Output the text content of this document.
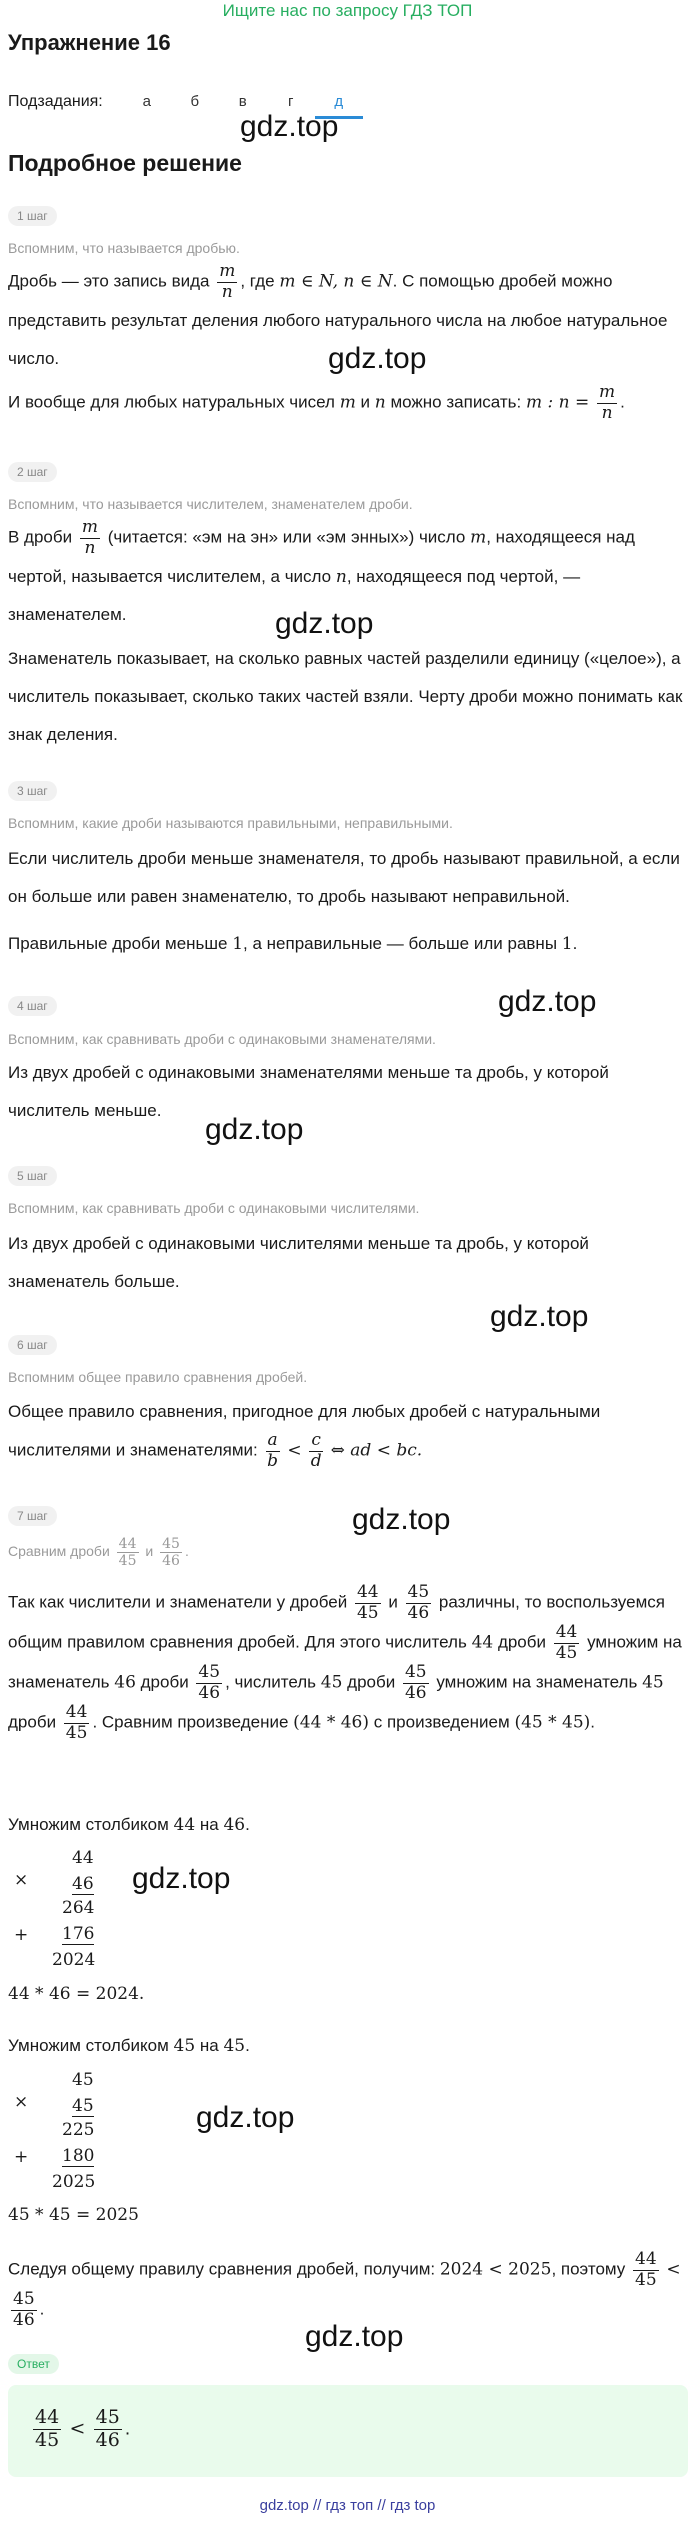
Ищите нас по запросу ГДЗ ТОП
Упражнение 16
Подзадания:	а	б	в	г	д
gdz.top
gdz.top
gdz.top
gdz.top
gdz.top
gdz.top
gdz.top
gdz.top
gdz.top
gdz.top
Подробное решение
1 шаг
Вспомним, что называется дробью.
Дробь — это запись вида $\frac{m}{n}$ , где m ∈ N, n ∈ N. С помощью дробей можно представить результат деления любого натурального числа на любое натуральное число.
И вообще для любых натуральных чисел m и n можно записать: m : $n = \frac{m}{n}$ .
2 шаг
Вспомним, что называется числителем, знаменателем дроби.
В дроби $\frac{m}{n}$ (читается: «эм на эн» или «эм энных») число m, находящееся над чертой, называется числителем, а число n, находящееся под чертой, — знаменателем.
Знаменатель показывает, на сколько равных частей разделили единицу («целое»), а числитель показывает, сколько таких частей взяли. Черту дроби можно понимать как знак деления.
3 шаг
Вспомним, какие дроби называются правильными, неправильными.
Если числитель дроби меньше знаменателя, то дробь называют правильной, а если он больше или равен знаменателю, то дробь называют неправильной.
Правильные дроби меньше 1, а неправильные — больше или равны 1.
4 шаг
Вспомним, как сравнивать дроби с одинаковыми знаменателями.
Из двух дробей с одинаковыми знаменателями меньше та дробь, у которой числитель меньше.
5 шаг
Вспомним, как сравнивать дроби с одинаковыми числителями.
Из двух дробей с одинаковыми числителями меньше та дробь, у которой знаменатель больше.
6 шаг
Вспомним общее правило сравнения дробей.
Общее правило сравнения, пригодное для любых дробей с натуральными числителями и знаменателями: $\frac{a}{b} < \frac{c}{d}$ ⇔ ad < bc.
7 шаг
Сравним дроби $\frac{44}{45}$ и $\frac{45}{46}$ .
Так как числители и знаменатели у дробей $\frac{44}{45}$ и $\frac{45}{46}$ различны, то воспользуемся общим правилом сравнения дробей. Для этого числитель 44 дроби $\frac{44}{45}$ умножим на знаменатель 46 дроби $\frac{45}{46}$ , числитель 45 дроби $\frac{45}{46}$ умножим на знаменатель 45 дроби $\frac{44}{45}$ . Сравним произведение (44 * 46) с произведением (45 * 45).
Умножим столбиком 44 на 46.
44
×	46
264
+ 176
2024
44 * 46 = 2024.
Умножим столбиком 45 на 45.
45
×	45
225
+ 180
2025
45 * 45 = 2025
Следуя общему правилу сравнения дробей, получим: 2024 < 2025, поэтому $\frac{44}{45}$ <
$\frac{45}{46}$ .
Ответ
$\frac{44}{45} < \frac{45}{46}$ .
gdz.top // гдз топ // гдз top
